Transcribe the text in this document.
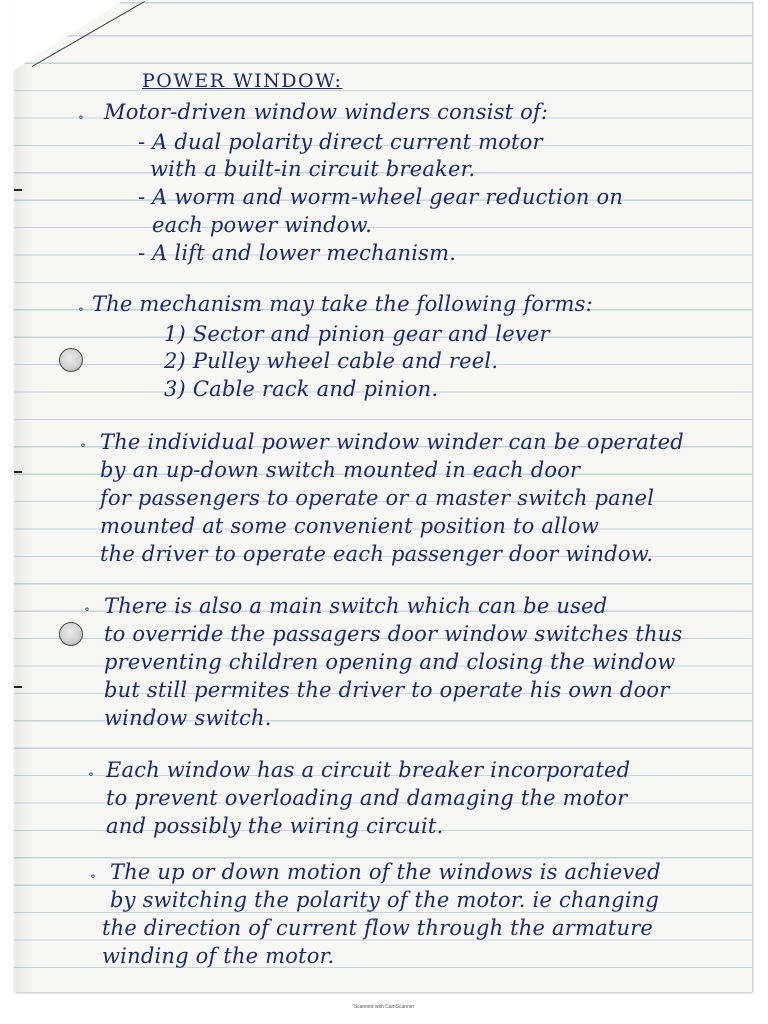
POWER WINDOW:
∘ Motor-driven window winders consist of:
- A dual polarity direct current motor
with a built-in circuit breaker.
- A worm and worm-wheel gear reduction on
each power window.
- A lift and lower mechanism.
∘ The mechanism may take the following forms:
1) Sector and pinion gear and lever
2) Pulley wheel cable and reel.
3) Cable rack and pinion.
∘ The individual power window winder can be operated
by an up-down switch mounted in each door
for passengers to operate or a master switch panel
mounted at some convenient position to allow
the driver to operate each passenger door window.
∘ There is also a main switch which can be used
to override the passagers door window switches thus
preventing children opening and closing the window
but still permites the driver to operate his own door
window switch.
∘ Each window has a circuit breaker incorporated
to prevent overloading and damaging the motor
and possibly the wiring circuit.
∘ The up or down motion of the windows is achieved
by switching the polarity of the motor. ie changing
the direction of current flow through the armature
winding of the motor.
Scanned with CamScanner
